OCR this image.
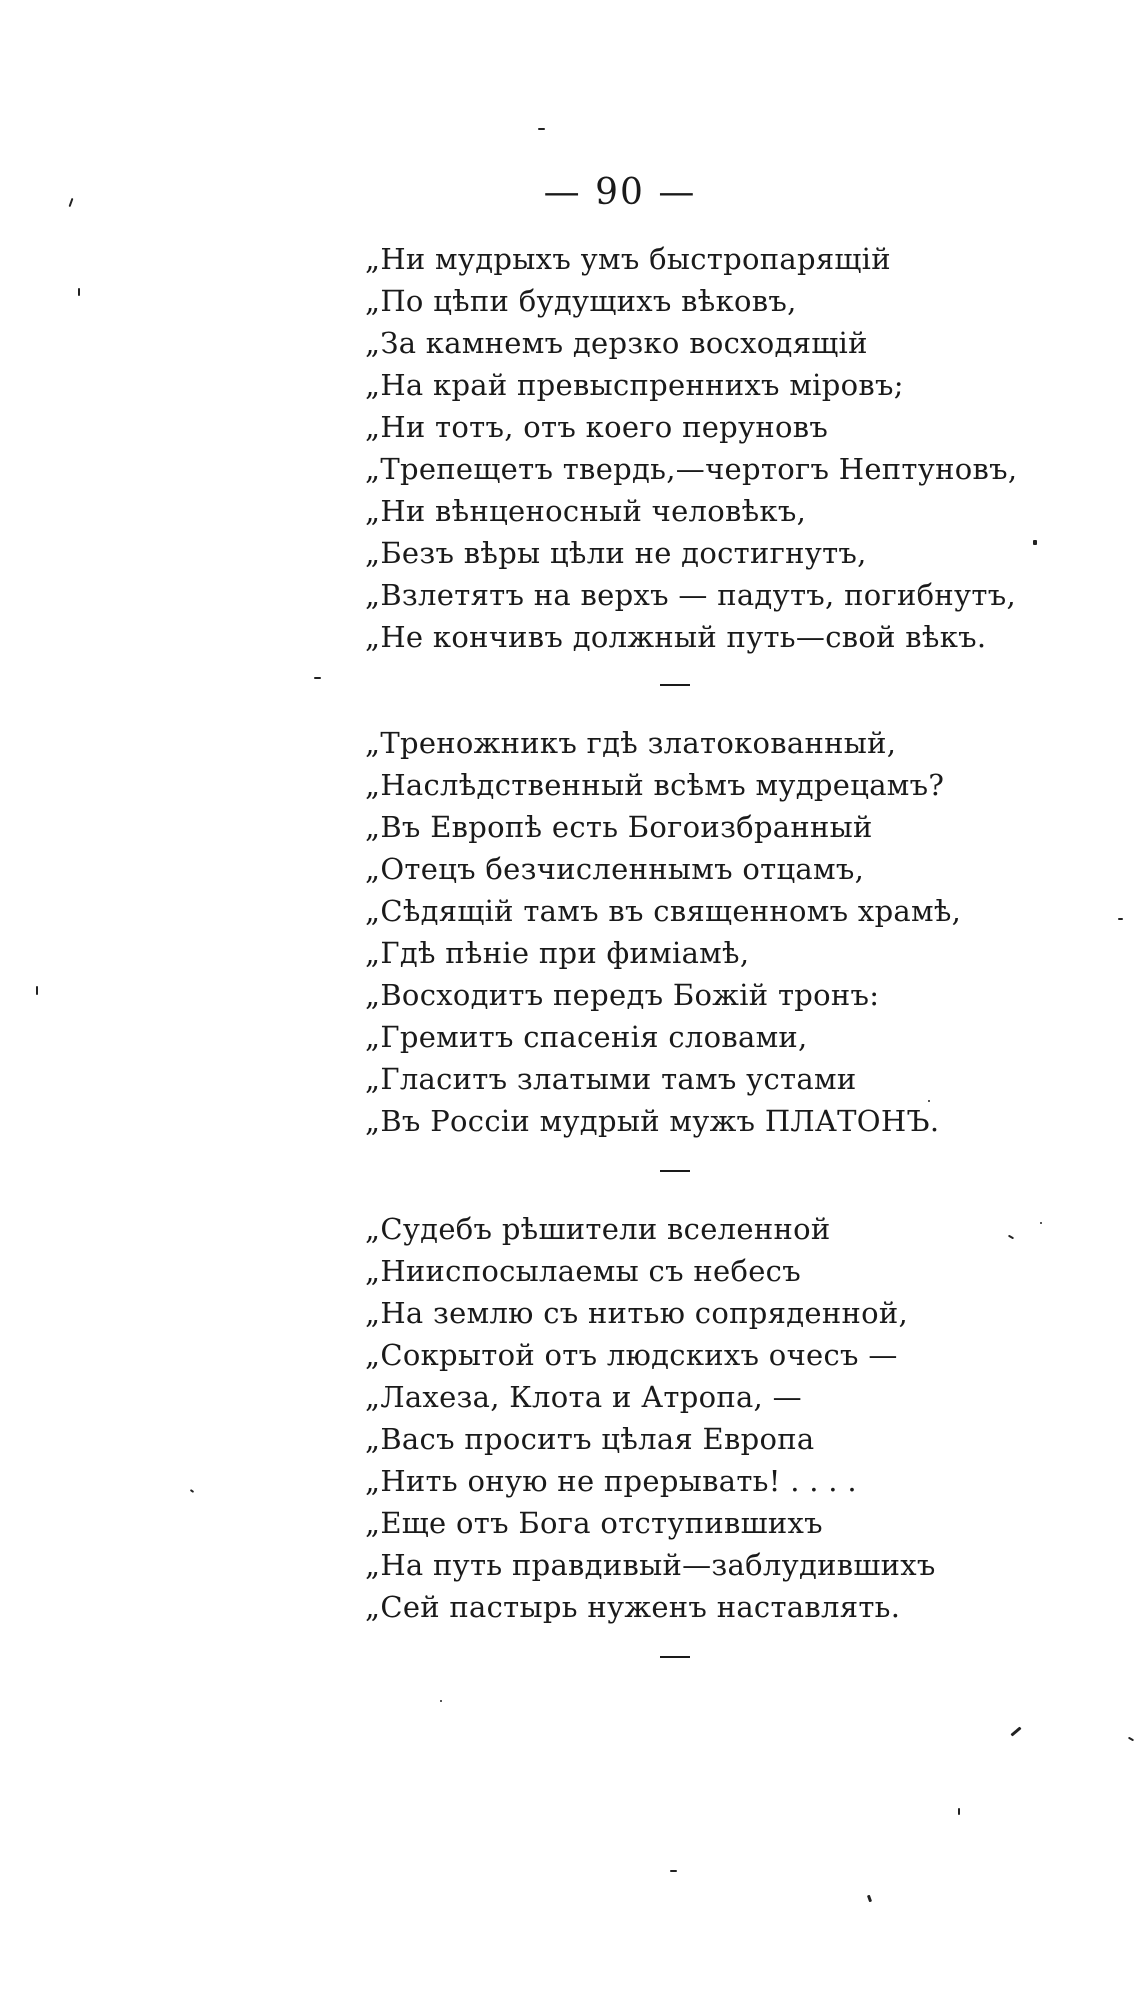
— 90 —
„Ни мудрыхъ умъ быстропарящій
„По цѣпи будущихъ вѣковъ,
„За камнемъ дерзко восходящій
„На край превыспреннихъ міровъ;
„Ни тотъ, отъ коего перуновъ
„Трепещетъ твердь,—чертогъ Нептуновъ,
„Ни вѣнценосный человѣкъ,
„Безъ вѣры цѣли не достигнутъ,
„Взлетятъ на верхъ — падутъ, погибнутъ,
„Не кончивъ должный путь—свой вѣкъ.
„Треножникъ гдѣ златокованный,
„Наслѣдственный всѣмъ мудрецамъ?
„Въ Европѣ есть Богоизбранный
„Отецъ безчисленнымъ отцамъ,
„Сѣдящій тамъ въ священномъ храмѣ,
„Гдѣ пѣніе при фиміамѣ,
„Восходитъ передъ Божій тронъ:
„Гремитъ спасенія словами,
„Гласитъ златыми тамъ устами
„Въ Россіи мудрый мужъ ПЛАТОНЪ.
„Судебъ рѣшители вселенной
„Нииспосылаемы съ небесъ
„На землю съ нитью сопряденной,
„Сокрытой отъ людскихъ очесъ —
„Лахеза, Клота и Атропа, —
„Васъ проситъ цѣлая Европа
„Нить оную не прерывать! . . . .
„Еще отъ Бога отступившихъ
„На путь правдивый—заблудившихъ
„Сей пастырь нуженъ наставлять.
